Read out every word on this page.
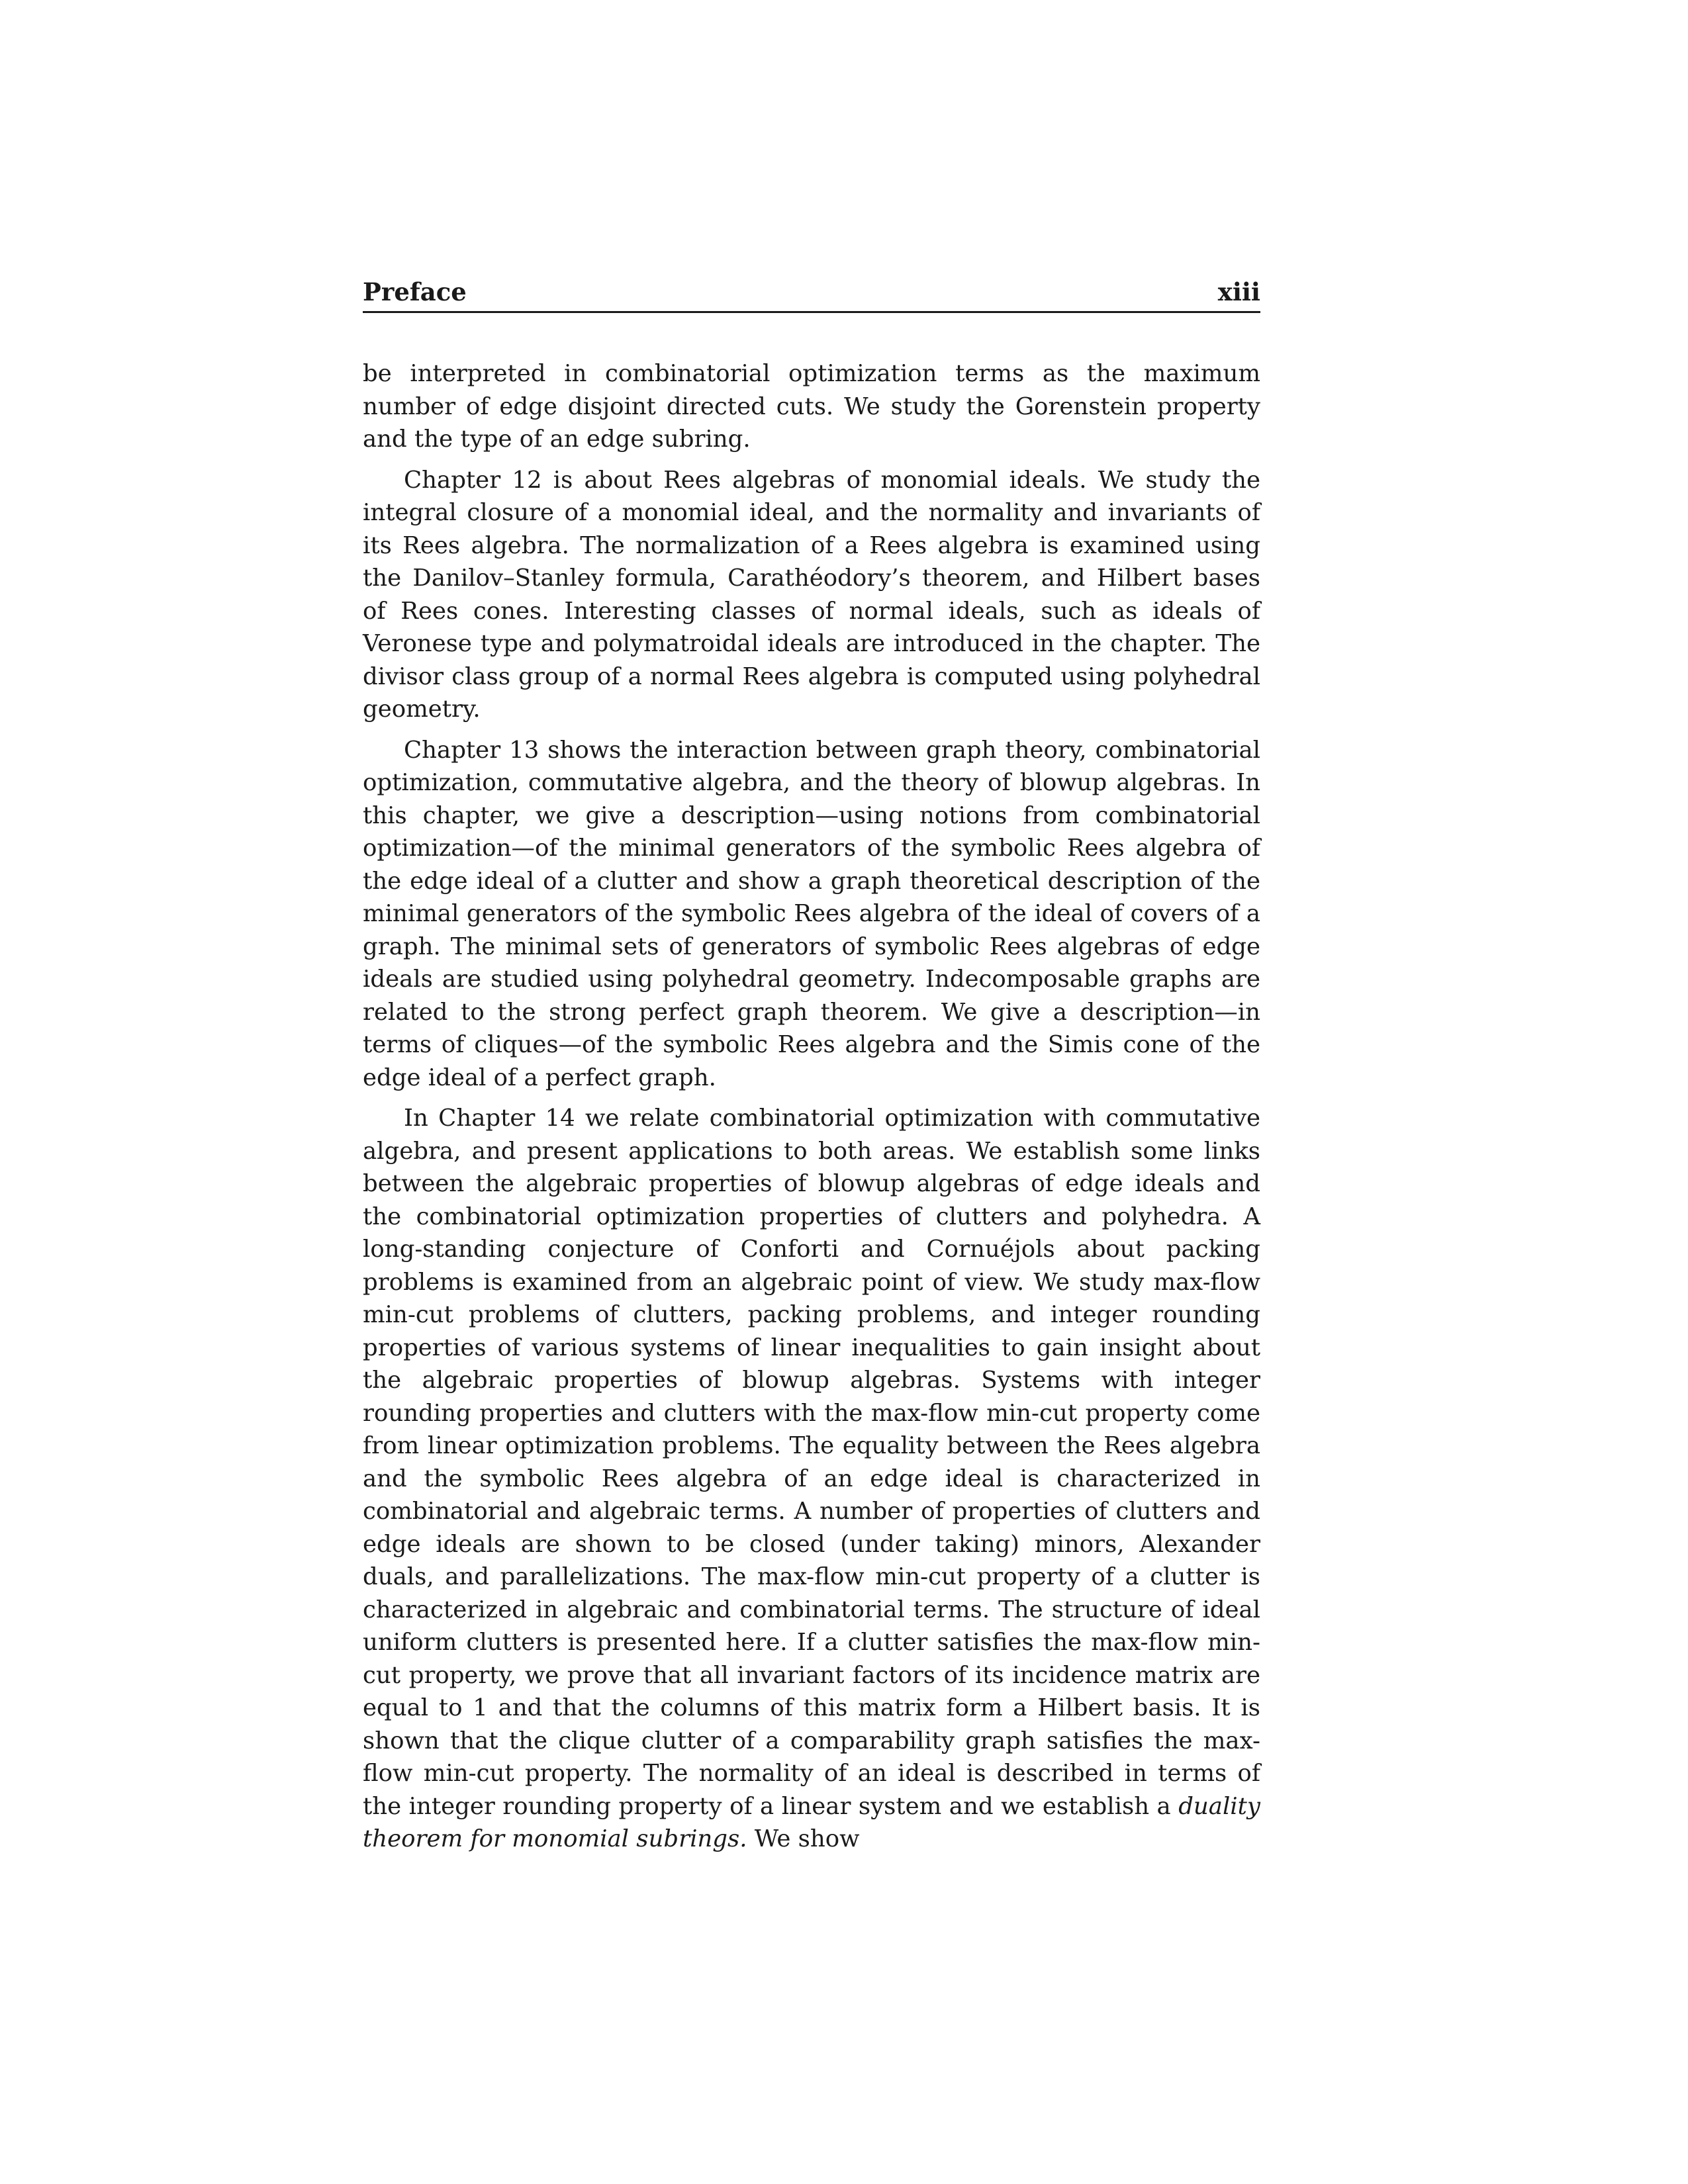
Preface	xiii

be interpreted in combinatorial optimization terms as the maximum number of edge disjoint directed cuts. We study the Gorenstein property and the type of an edge subring.

Chapter 12 is about Rees algebras of monomial ideals. We study the integral closure of a monomial ideal, and the normality and invariants of its Rees algebra. The normalization of a Rees algebra is examined using the Danilov–Stanley formula, Carathéodory’s theorem, and Hilbert bases of Rees cones. Interesting classes of normal ideals, such as ideals of Veronese type and polymatroidal ideals are introduced in the chapter. The divisor class group of a normal Rees algebra is computed using polyhedral geometry.

Chapter 13 shows the interaction between graph theory, combinatorial optimization, commutative algebra, and the theory of blowup algebras. In this chapter, we give a description—using notions from combinatorial optimization—of the minimal generators of the symbolic Rees algebra of the edge ideal of a clutter and show a graph theoretical description of the minimal generators of the symbolic Rees algebra of the ideal of covers of a graph. The minimal sets of generators of symbolic Rees algebras of edge ideals are studied using polyhedral geometry. Indecomposable graphs are related to the strong perfect graph theorem. We give a description—in terms of cliques—of the symbolic Rees algebra and the Simis cone of the edge ideal of a perfect graph.

In Chapter 14 we relate combinatorial optimization with commutative algebra, and present applications to both areas. We establish some links between the algebraic properties of blowup algebras of edge ideals and the combinatorial optimization properties of clutters and polyhedra. A long-standing conjecture of Conforti and Cornuéjols about packing problems is examined from an algebraic point of view. We study max-flow min-cut problems of clutters, packing problems, and integer rounding properties of various systems of linear inequalities to gain insight about the algebraic properties of blowup algebras. Systems with integer rounding properties and clutters with the max-flow min-cut property come from linear optimization problems. The equality between the Rees algebra and the symbolic Rees algebra of an edge ideal is characterized in combinatorial and algebraic terms. A number of properties of clutters and edge ideals are shown to be closed (under taking) minors, Alexander duals, and parallelizations. The max-flow min-cut property of a clutter is characterized in algebraic and combinatorial terms. The structure of ideal uniform clutters is presented here. If a clutter satisfies the max-flow min-cut property, we prove that all invariant factors of its incidence matrix are equal to 1 and that the columns of this matrix form a Hilbert basis. It is shown that the clique clutter of a comparability graph satisfies the max-flow min-cut property. The normality of an ideal is described in terms of the integer rounding property of a linear system and we establish a duality theorem for monomial subrings. We show
